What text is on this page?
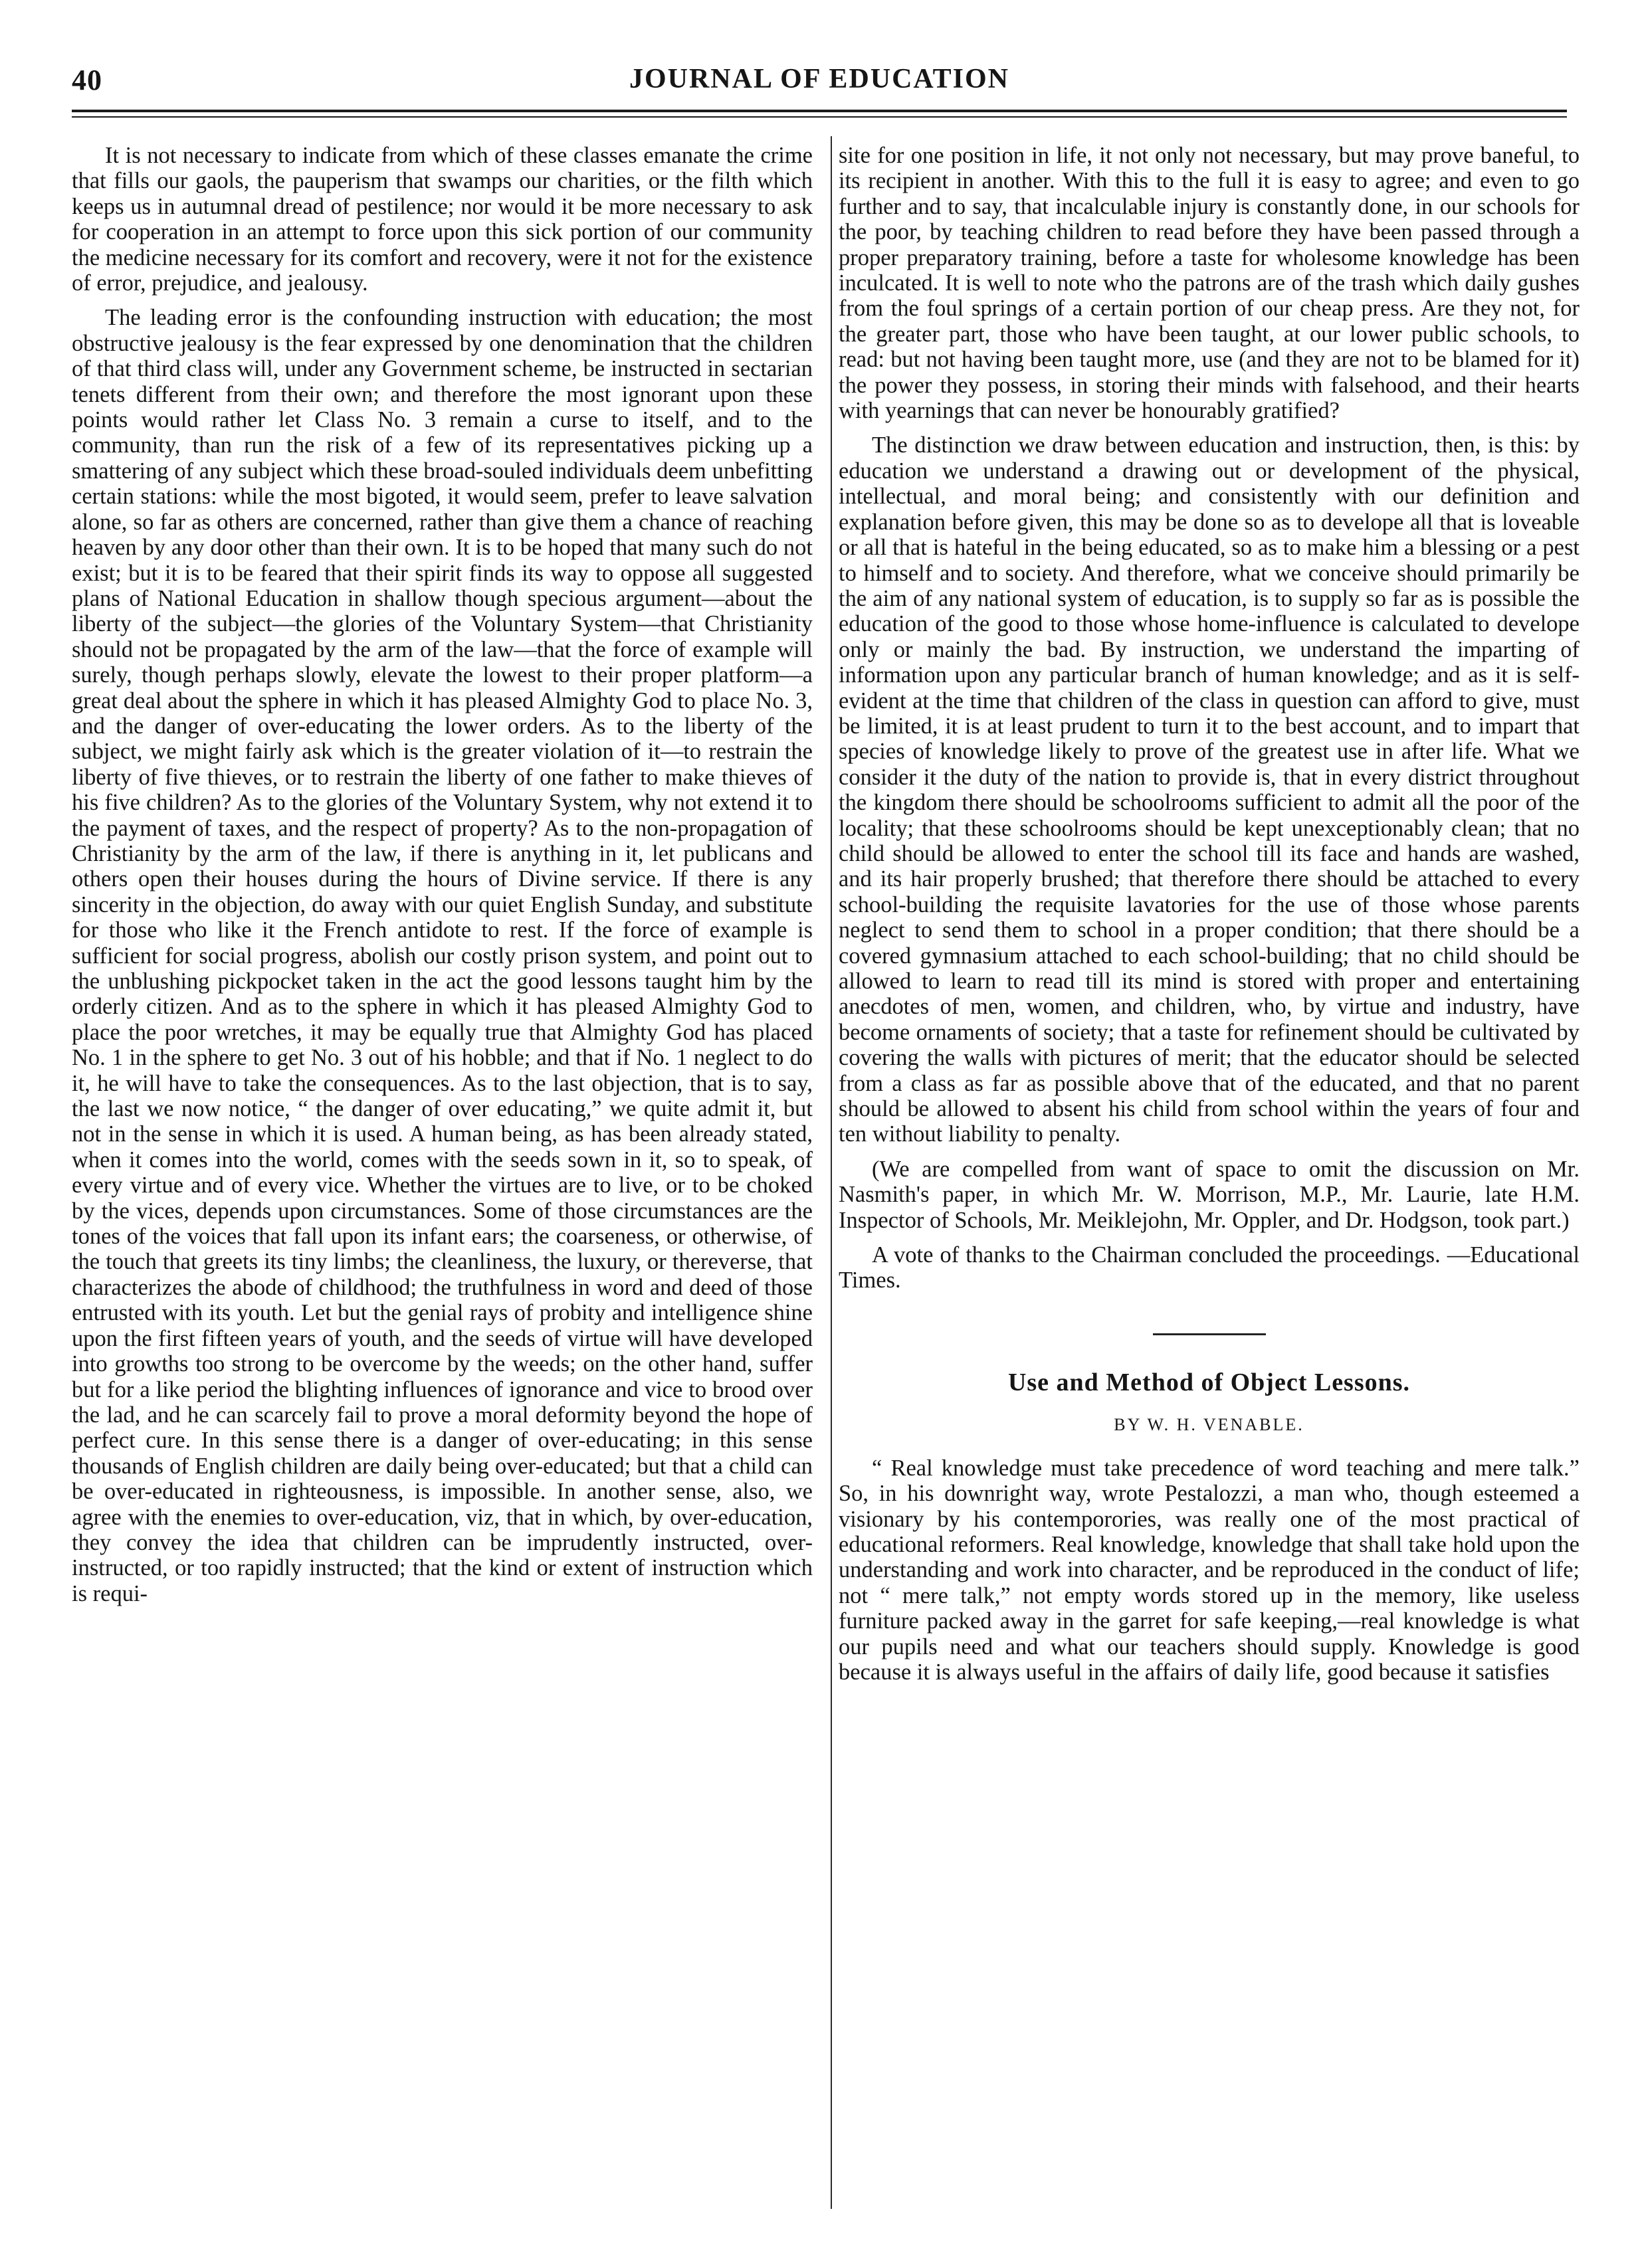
40	JOURNAL OF EDUCATION

It is not necessary to indicate from which of these classes emanate the crime that fills our gaols, the pauperism that swamps our charities, or the filth which keeps us in autumnal dread of pestilence; nor would it be more necessary to ask for cooperation in an attempt to force upon this sick portion of our community the medicine necessary for its comfort and recovery, were it not for the existence of error, prejudice, and jealousy.

The leading error is the confounding instruction with education; the most obstructive jealousy is the fear expressed by one denomination that the children of that third class will, under any Government scheme, be instructed in sectarian tenets different from their own; and therefore the most ignorant upon these points would rather let Class No. 3 remain a curse to itself, and to the community, than run the risk of a few of its representatives picking up a smattering of any subject which these broad-souled individuals deem unbefitting certain stations: while the most bigoted, it would seem, prefer to leave salvation alone, so far as others are concerned, rather than give them a chance of reaching heaven by any door other than their own. It is to be hoped that many such do not exist; but it is to be feared that their spirit finds its way to oppose all suggested plans of National Education in shallow though specious argument—about the liberty of the subject—the glories of the Voluntary System—that Christianity should not be propagated by the arm of the law—that the force of example will surely, though perhaps slowly, elevate the lowest to their proper platform—a great deal about the sphere in which it has pleased Almighty God to place No. 3, and the danger of over-educating the lower orders. As to the liberty of the subject, we might fairly ask which is the greater violation of it—to restrain the liberty of five thieves, or to restrain the liberty of one father to make thieves of his five children? As to the glories of the Voluntary System, why not extend it to the payment of taxes, and the respect of property? As to the non-propagation of Christianity by the arm of the law, if there is anything in it, let publicans and others open their houses during the hours of Divine service. If there is any sincerity in the objection, do away with our quiet English Sunday, and substitute for those who like it the French antidote to rest. If the force of example is sufficient for social progress, abolish our costly prison system, and point out to the unblushing pickpocket taken in the act the good lessons taught him by the orderly citizen. And as to the sphere in which it has pleased Almighty God to place the poor wretches, it may be equally true that Almighty God has placed No. 1 in the sphere to get No. 3 out of his hobble; and that if No. 1 neglect to do it, he will have to take the consequences. As to the last objection, that is to say, the last we now notice, “ the danger of over educating,” we quite admit it, but not in the sense in which it is used. A human being, as has been already stated, when it comes into the world, comes with the seeds sown in it, so to speak, of every virtue and of every vice. Whether the virtues are to live, or to be choked by the vices, depends upon circumstances. Some of those circumstances are the tones of the voices that fall upon its infant ears; the coarseness, or otherwise, of the touch that greets its tiny limbs; the cleanliness, the luxury, or thereverse, that characterizes the abode of childhood; the truthfulness in word and deed of those entrusted with its youth. Let but the genial rays of probity and intelligence shine upon the first fifteen years of youth, and the seeds of virtue will have developed into growths too strong to be overcome by the weeds; on the other hand, suffer but for a like period the blighting influences of ignorance and vice to brood over the lad, and he can scarcely fail to prove a moral deformity beyond the hope of perfect cure. In this sense there is a danger of over-educating; in this sense thousands of English children are daily being over-educated; but that a child can be over-educated in righteousness, is impossible. In another sense, also, we agree with the enemies to over-education, viz, that in which, by over-education, they convey the idea that children can be imprudently instructed, over-instructed, or too rapidly instructed; that the kind or extent of instruction which is requi-

site for one position in life, it not only not necessary, but may prove baneful, to its recipient in another. With this to the full it is easy to agree; and even to go further and to say, that incalculable injury is constantly done, in our schools for the poor, by teaching children to read before they have been passed through a proper preparatory training, before a taste for wholesome knowledge has been inculcated. It is well to note who the patrons are of the trash which daily gushes from the foul springs of a certain portion of our cheap press. Are they not, for the greater part, those who have been taught, at our lower public schools, to read: but not having been taught more, use (and they are not to be blamed for it) the power they possess, in storing their minds with falsehood, and their hearts with yearnings that can never be honourably gratified?

The distinction we draw between education and instruction, then, is this: by education we understand a drawing out or development of the physical, intellectual, and moral being; and consistently with our definition and explanation before given, this may be done so as to develope all that is loveable or all that is hateful in the being educated, so as to make him a blessing or a pest to himself and to society. And therefore, what we conceive should primarily be the aim of any national system of education, is to supply so far as is possible the education of the good to those whose home-influence is calculated to develope only or mainly the bad. By instruction, we understand the imparting of information upon any particular branch of human knowledge; and as it is self-evident at the time that children of the class in question can afford to give, must be limited, it is at least prudent to turn it to the best account, and to impart that species of knowledge likely to prove of the greatest use in after life. What we consider it the duty of the nation to provide is, that in every district throughout the kingdom there should be schoolrooms sufficient to admit all the poor of the locality; that these schoolrooms should be kept unexceptionably clean; that no child should be allowed to enter the school till its face and hands are washed, and its hair properly brushed; that therefore there should be attached to every school-building the requisite lavatories for the use of those whose parents neglect to send them to school in a proper condition; that there should be a covered gymnasium attached to each school-building; that no child should be allowed to learn to read till its mind is stored with proper and entertaining anecdotes of men, women, and children, who, by virtue and industry, have become ornaments of society; that a taste for refinement should be cultivated by covering the walls with pictures of merit; that the educator should be selected from a class as far as possible above that of the educated, and that no parent should be allowed to absent his child from school within the years of four and ten without liability to penalty.

(We are compelled from want of space to omit the discussion on Mr. Nasmith's paper, in which Mr. W. Morrison, M.P., Mr. Laurie, late H.M. Inspector of Schools, Mr. Meiklejohn, Mr. Oppler, and Dr. Hodgson, took part.)

A vote of thanks to the Chairman concluded the proceedings. —Educational Times.

Use and Method of Object Lessons.
BY W. H. VENABLE.

“ Real knowledge must take precedence of word teaching and mere talk.” So, in his downright way, wrote Pestalozzi, a man who, though esteemed a visionary by his contemporories, was really one of the most practical of educational reformers. Real knowledge, knowledge that shall take hold upon the understanding and work into character, and be reproduced in the conduct of life; not “ mere talk,” not empty words stored up in the memory, like useless furniture packed away in the garret for safe keeping,—real knowledge is what our pupils need and what our teachers should supply. Knowledge is good because it is always useful in the affairs of daily life, good because it satisfies
